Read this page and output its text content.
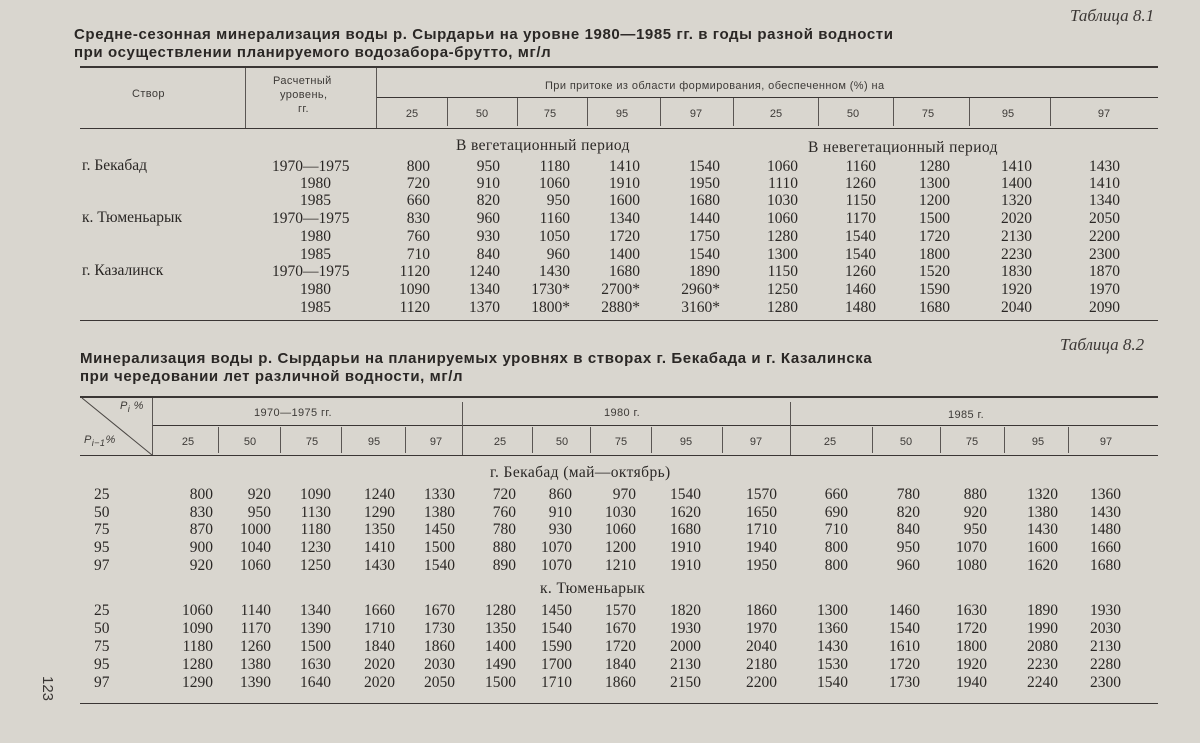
Таблица 8.1
Средне-сезонная минерализация воды р. Сырдарьи на уровне 1980—1985 гг. в годы разной водности
при осуществлении планируемого водозабора-брутто, мг/л
Створ
Расчетный
уровень,
гг.
При притоке из области формирования, обеспеченном (%) на
25	50	75	95	97	25	50	75	95	97
В вегетационный период	В невегетационный период
г. Бекабад	1970—1975	800	950	1180	1410	1540	1060	1160	1280	1410	1430
1980	720	910	1060	1910	1950	1110	1260	1300	1400	1410
1985	660	820	950	1600	1680	1030	1150	1200	1320	1340
к. Тюменьарык	1970—1975	830	960	1160	1340	1440	1060	1170	1500	2020	2050
1980	760	930	1050	1720	1750	1280	1540	1720	2130	2200
1985	710	840	960	1400	1540	1300	1540	1800	2230	2300
г. Казалинск	1970—1975	1120	1240	1430	1680	1890	1150	1260	1520	1830	1870
1980	1090	1340	1730*	2700*	2960*	1250	1460	1590	1920	1970
1985	1120	1370	1800*	2880*	3160*	1280	1480	1680	2040	2090
Таблица 8.2
Минерализация воды р. Сырдарьи на планируемых уровнях в створах г. Бекабада и г. Казалинска
при чередовании лет различной водности, мг/л
$P_i$ %
$P_{i-1}\%$
1970—1975 гг.	1980 г.	1985 г.
25	50	75	95	97	25	50	75	95	97	25	50	75	95	97
г. Бекабад (май—октябрь)
к. Тюменьарык
25	800	920	1090	1240	1330	720	860	970	1540	1570	660	780	880	1320	1360
50	830	950	1130	1290	1380	760	910	1030	1620	1650	690	820	920	1380	1430
75	870	1000	1180	1350	1450	780	930	1060	1680	1710	710	840	950	1430	1480
95	900	1040	1230	1410	1500	880	1070	1200	1910	1940	800	950	1070	1600	1660
97	920	1060	1250	1430	1540	890	1070	1210	1910	1950	800	960	1080	1620	1680
25	1060	1140	1340	1660	1670	1280	1450	1570	1820	1860	1300	1460	1630	1890	1930
50	1090	1170	1390	1710	1730	1350	1540	1670	1930	1970	1360	1540	1720	1990	2030
75	1180	1260	1500	1840	1860	1400	1590	1720	2000	2040	1430	1610	1800	2080	2130
95	1280	1380	1630	2020	2030	1490	1700	1840	2130	2180	1530	1720	1920	2230	2280
97	1290	1390	1640	2020	2050	1500	1710	1860	2150	2200	1540	1730	1940	2240	2300
123
